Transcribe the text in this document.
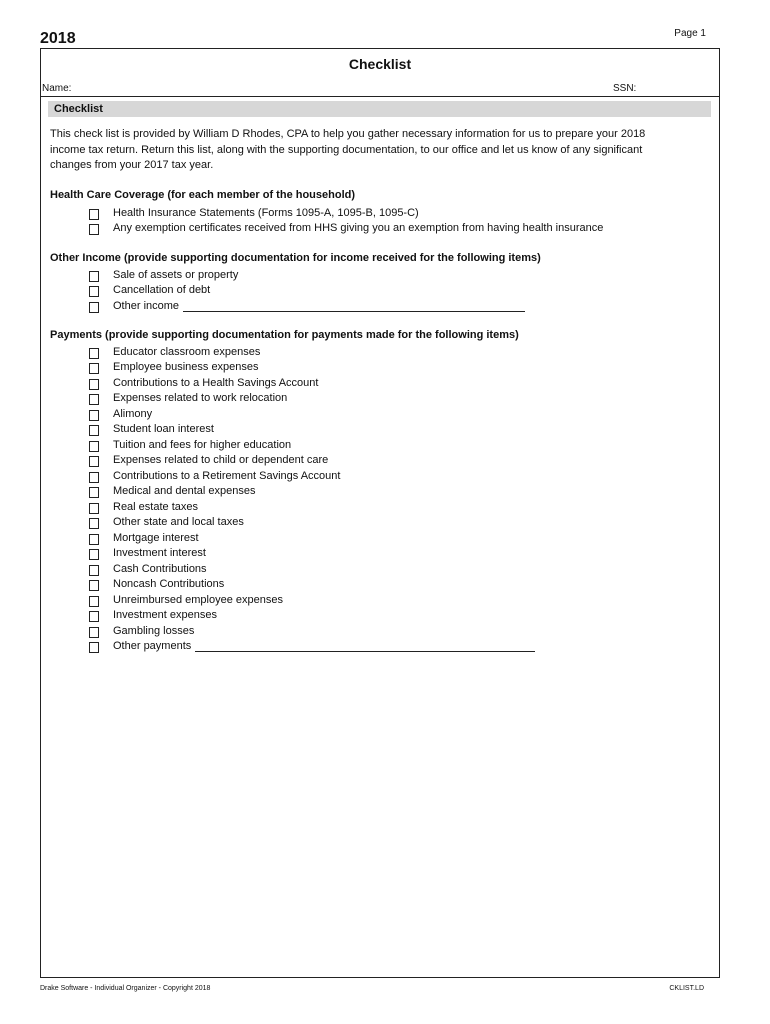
2018	Page 1
Checklist
Name:	SSN:
Checklist

This check list is provided by William D Rhodes, CPA to help you gather necessary information for us to prepare your 2018 income tax return. Return this list, along with the supporting documentation, to our office and let us know of any significant changes from your 2017 tax year.

Health Care Coverage (for each member of the household)
Health Insurance Statements (Forms 1095-A, 1095-B, 1095-C)
Any exemption certificates received from HHS giving you an exemption from having health insurance
Other Income (provide supporting documentation for income received for the following items)
Sale of assets or property
Cancellation of debt
Other income
Payments (provide supporting documentation for payments made for the following items)
Educator classroom expenses
Employee business expenses
Contributions to a Health Savings Account
Expenses related to work relocation
Alimony
Student loan interest
Tuition and fees for higher education
Expenses related to child or dependent care
Contributions to a Retirement Savings Account
Medical and dental expenses
Real estate taxes
Other state and local taxes
Mortgage interest
Investment interest
Cash Contributions
Noncash Contributions
Unreimbursed employee expenses
Investment expenses
Gambling losses
Other payments
Drake Software - Individual Organizer - Copyright 2018	CKLIST.LD
